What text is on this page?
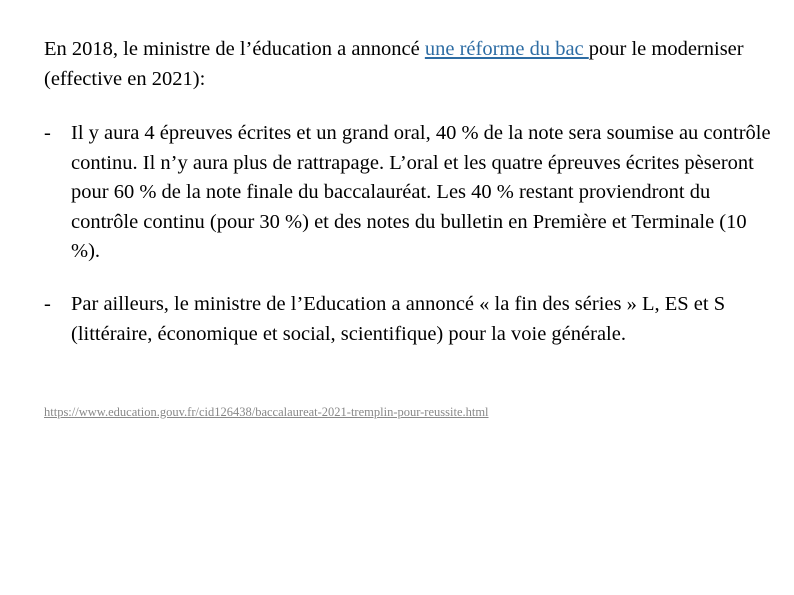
En 2018, le ministre de l’éducation a annoncé une réforme du bac pour le moderniser (effective en 2021):

- Il y aura 4 épreuves écrites et un grand oral, 40 % de la note sera soumise au contrôle continu. Il n’y aura plus de rattrapage. L’oral et les quatre épreuves écrites pèseront pour 60 % de la note finale du baccalauréat. Les 40 % restant proviendront du contrôle continu (pour 30 %) et des notes du bulletin en Première et Terminale (10 %).
- Par ailleurs, le ministre de l’Education a annoncé « la fin des séries » L, ES et S (littéraire, économique et social, scientifique) pour la voie générale.
https://www.education.gouv.fr/cid126438/baccalaureat-2021-tremplin-pour-reussite.html
